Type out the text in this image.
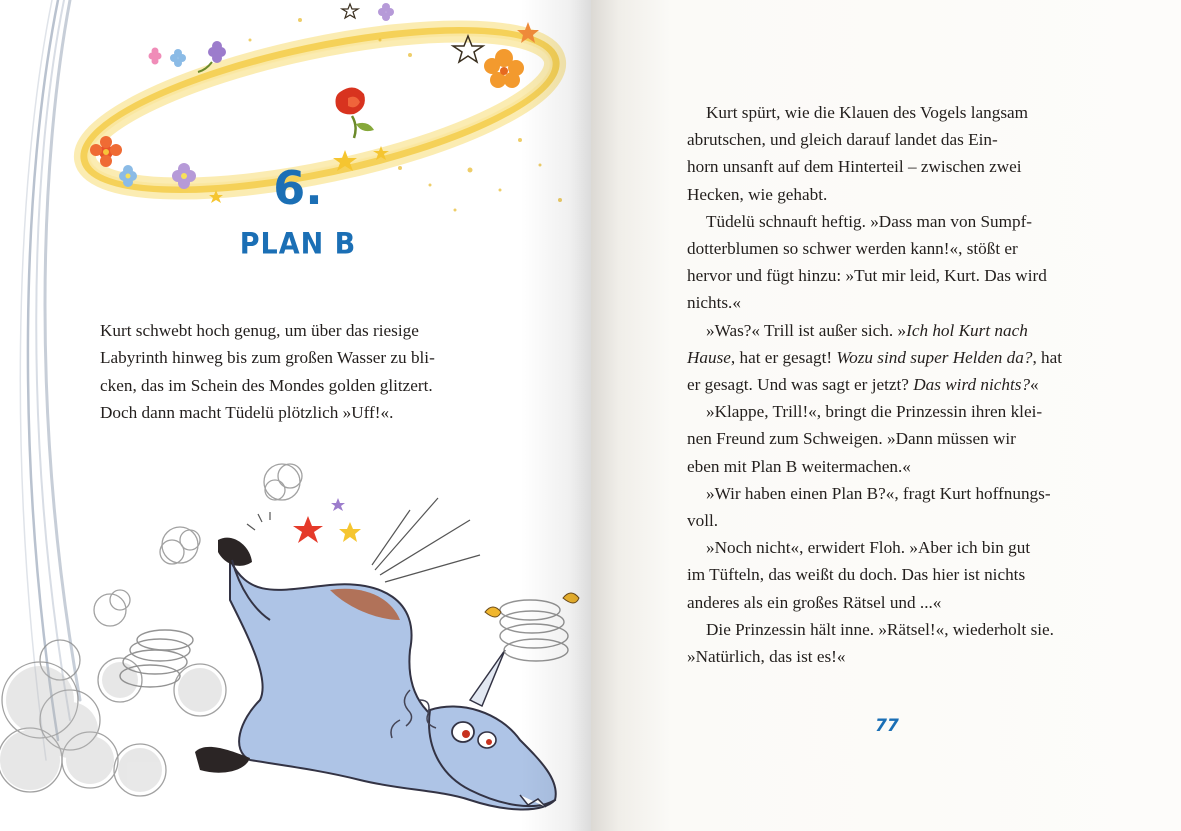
6.
PLAN B
Kurt schwebt hoch genug, um über das riesige
Labyrinth hinweg bis zum großen Wasser zu bli-
cken, das im Schein des Mondes golden glitzert.
Doch dann macht Tüdelü plötzlich »Uff!«.
Kurt spürt, wie die Klauen des Vogels langsam
abrutschen, und gleich darauf landet das Ein-
horn unsanft auf dem Hinterteil – zwischen zwei
Hecken, wie gehabt.
Tüdelü schnauft heftig. »Dass man von Sumpf-
dotterblumen so schwer werden kann!«, stößt er
hervor und fügt hinzu: »Tut mir leid, Kurt. Das wird
nichts.«
»Was?« Trill ist außer sich. »Ich hol Kurt nach
Hause, hat er gesagt! Wozu sind super Helden da?, hat
er gesagt. Und was sagt er jetzt? Das wird nichts?«
»Klappe, Trill!«, bringt die Prinzessin ihren klei-
nen Freund zum Schweigen. »Dann müssen wir
eben mit Plan B weitermachen.«
»Wir haben einen Plan B?«, fragt Kurt hoffnungs-
voll.
»Noch nicht«, erwidert Floh. »Aber ich bin gut
im Tüfteln, das weißt du doch. Das hier ist nichts
anderes als ein großes Rätsel und ...«
Die Prinzessin hält inne. »Rätsel!«, wiederholt sie.
»Natürlich, das ist es!«
77
